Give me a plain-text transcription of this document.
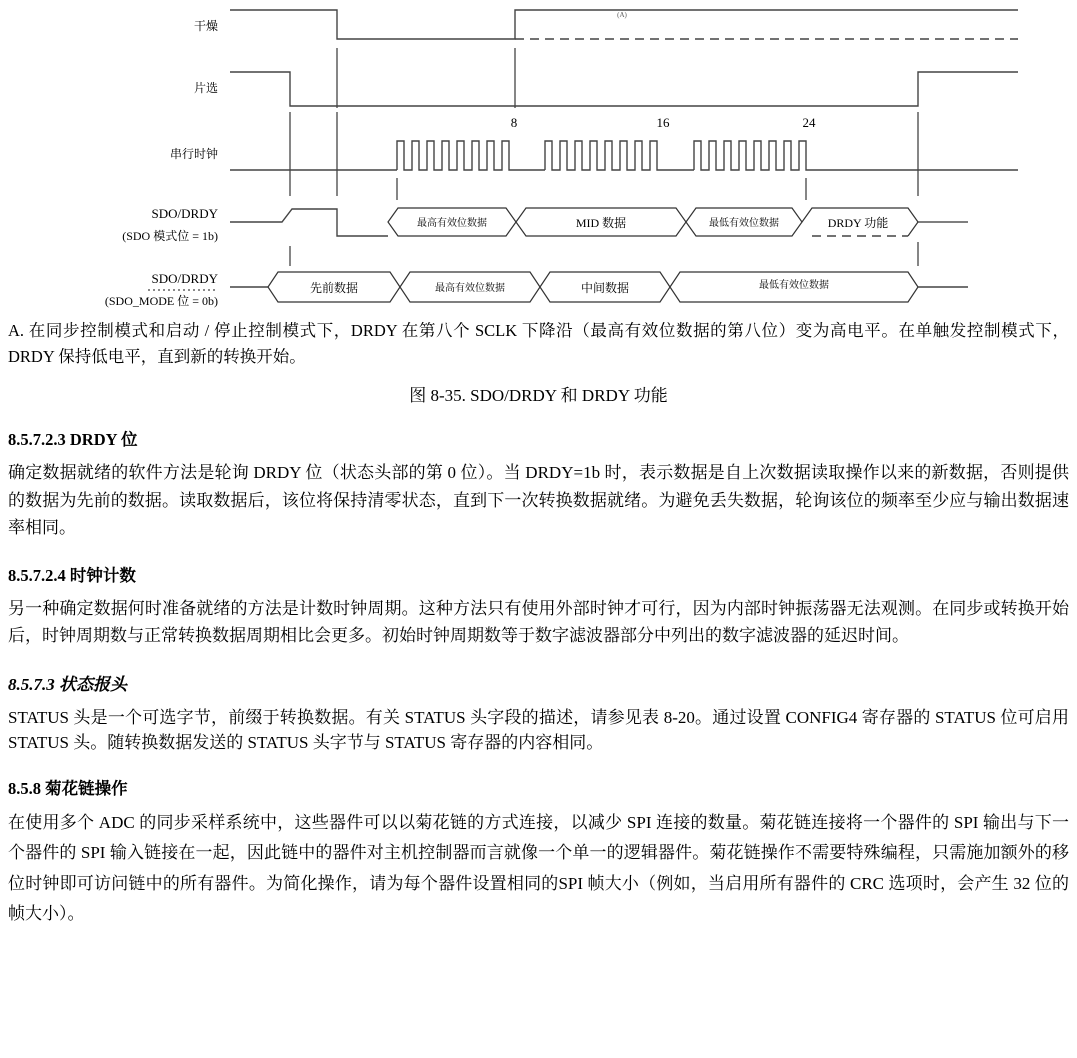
干燥
(A)
片选
串行时钟
8	16	24
SDO/DRDY
(SDO 模式位 = 1b)
最高有效位数据	MID 数据	最低有效位数据	DRDY 功能
SDO/DRDY
(SDO_MODE 位 = 0b)
先前数据	最高有效位数据	中间数据	最低有效位数据

A. 在同步控制模式和启动 / 停止控制模式下，DRDY 在第八个 SCLK 下降沿（最高有效位数据的第八位）变为高电平。在单触发控制模式下，DRDY 保持低电平，直到新的转换开始。

图 8-35. SDO/DRDY 和 DRDY 功能

8.5.7.2.3 DRDY 位

确定数据就绪的软件方法是轮询 DRDY 位（状态头部的第 0 位）。当 DRDY=1b 时，表示数据是自上次数据读取操作以来的新数据，否则提供的数据为先前的数据。读取数据后，该位将保持清零状态，直到下一次转换数据就绪。为避免丢失数据，轮询该位的频率至少应与输出数据速率相同。

8.5.7.2.4 时钟计数

另一种确定数据何时准备就绪的方法是计数时钟周期。这种方法只有使用外部时钟才可行，因为内部时钟振荡器无法观测。在同步或转换开始后，时钟周期数与正常转换数据周期相比会更多。初始时钟周期数等于数字滤波器部分中列出的数字滤波器的延迟时间。

8.5.7.3 状态报头

STATUS 头是一个可选字节，前缀于转换数据。有关 STATUS 头字段的描述，请参见表 8-20。通过设置 CONFIG4 寄存器的 STATUS 位可启用 STATUS 头。随转换数据发送的 STATUS 头字节与 STATUS 寄存器的内容相同。

8.5.8 菊花链操作

在使用多个 ADC 的同步采样系统中，这些器件可以以菊花链的方式连接，以减少 SPI 连接的数量。菊花链连接将一个器件的 SPI 输出与下一个器件的 SPI 输入链接在一起，因此链中的器件对主机控制器而言就像一个单一的逻辑器件。菊花链操作不需要特殊编程，只需施加额外的移位时钟即可访问链中的所有器件。为简化操作，请为每个器件设置相同的SPI 帧大小（例如，当启用所有器件的 CRC 选项时，会产生 32 位的帧大小）。
